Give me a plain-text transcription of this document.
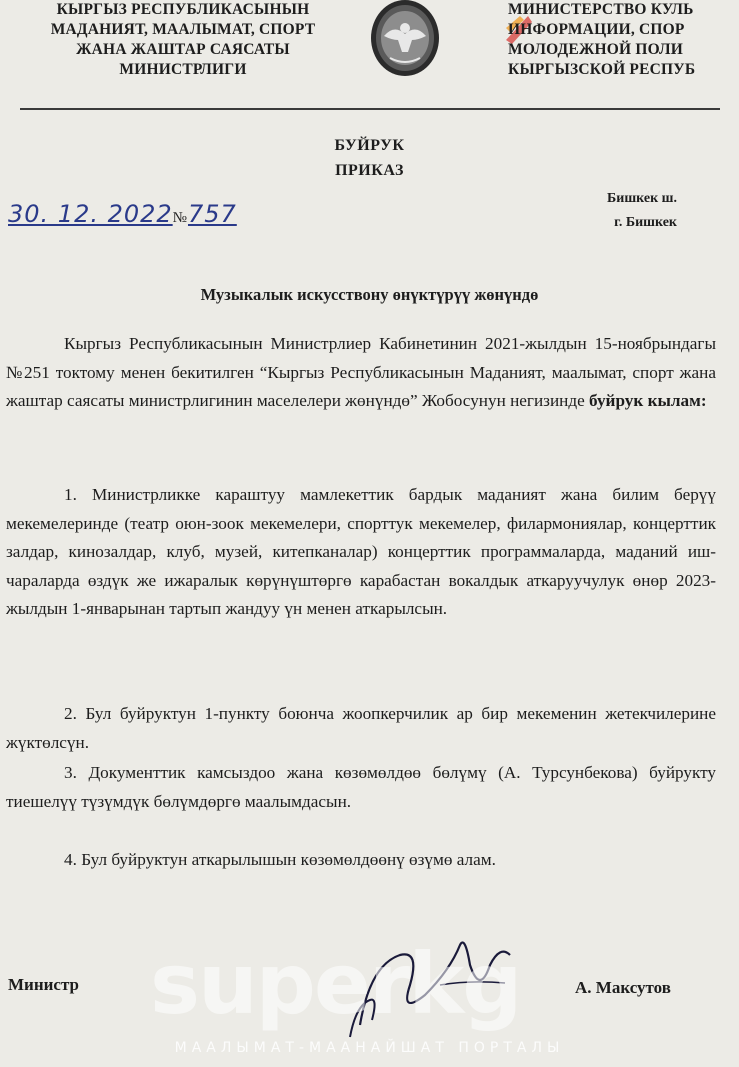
КЫРГЫЗ РЕСПУБЛИКАСЫНЫН
МАДАНИЯТ, МААЛЫМАТ, СПОРТ
ЖАНА ЖАШТАР САЯСАТЫ
МИНИСТРЛИГИ
МИНИСТЕРСТВО КУЛЬ
ИНФОРМАЦИИ, СПОР
МОЛОДЕЖНОЙ ПОЛИ
КЫРГЫЗСКОЙ РЕСПУБ
БУЙРУК
ПРИКАЗ
30. 12. 2022№757
Бишкек ш.
г. Бишкек
Музыкалык искусствону өнүктүрүү жөнүндө
Кыргыз Республикасынын Министрлиер Кабинетинин 2021-жылдын 15-ноябрындагы №251 токтому менен бекитилген “Кыргыз Республикасынын Маданият, маалымат, спорт жана жаштар саясаты министрлигинин маселелери жөнүндө” Жобосунун негизинде буйрук кылам:
1. Министрликке караштуу мамлекеттик бардык маданият жана билим берүү мекемелеринде (театр оюн-зоок мекемелери, спорттук мекемелер, филармониялар, концерттик залдар, кинозалдар, клуб, музей, китепканалар) концерттик программаларда, маданий иш-чараларда өздүк же ижаралык көрүнүштөргө карабастан вокалдык аткаруучулук өнөр 2023-жылдын 1-январынан тартып жандуу үн менен аткарылсын.
2. Бул буйруктун 1-пункту боюнча жоопкерчилик ар бир мекеменин жетекчилерине жүктөлсүн.
3. Документтик камсыздоо жана көзөмөлдөө бөлүмү (А. Турсунбекова) буйрукту тиешелүү түзүмдүк бөлүмдөргө маалымдасын.
4. Бул буйруктун аткарылышын көзөмөлдөөнү өзүмө алам.
Министр	А. Максутов
superkg
МААЛЫМАТ-МААНАЙШАТ ПОРТАЛЫ
